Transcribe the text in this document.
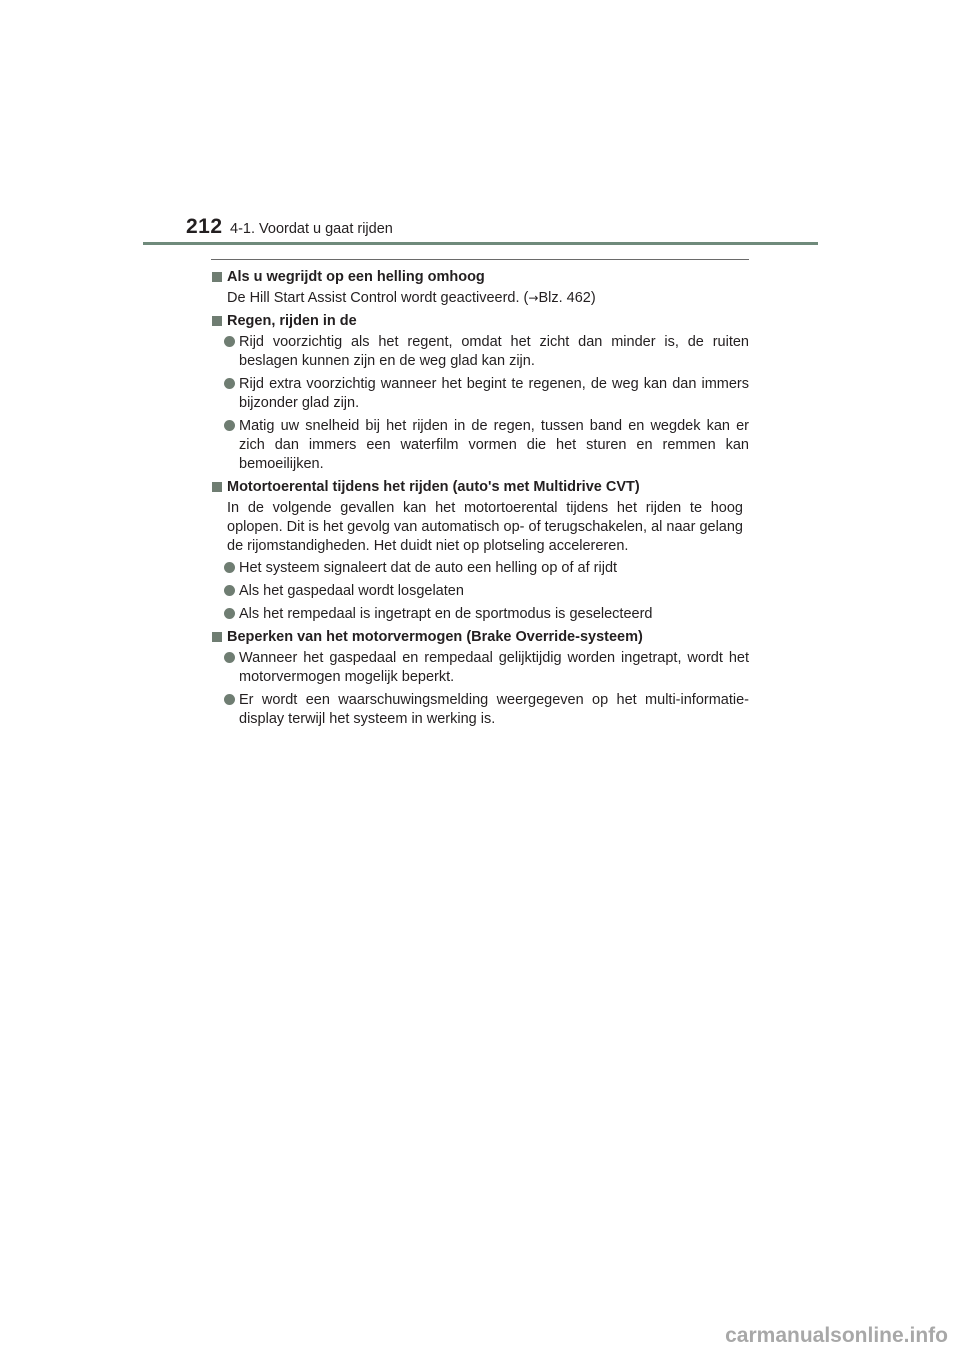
212 4-1. Voordat u gaat rijden
Als u wegrijdt op een helling omhoog
De Hill Start Assist Control wordt geactiveerd. (→Blz. 462)
Regen, rijden in de
Rijd voorzichtig als het regent, omdat het zicht dan minder is, de ruiten beslagen kunnen zijn en de weg glad kan zijn.
Rijd extra voorzichtig wanneer het begint te regenen, de weg kan dan immers bijzonder glad zijn.
Matig uw snelheid bij het rijden in de regen, tussen band en wegdek kan er zich dan immers een waterfilm vormen die het sturen en remmen kan bemoeilijken.
Motortoerental tijdens het rijden (auto's met Multidrive CVT)
In de volgende gevallen kan het motortoerental tijdens het rijden te hoog oplopen. Dit is het gevolg van automatisch op- of terugschakelen, al naar gelang de rijomstandigheden. Het duidt niet op plotseling accelereren.
Het systeem signaleert dat de auto een helling op of af rijdt
Als het gaspedaal wordt losgelaten
Als het rempedaal is ingetrapt en de sportmodus is geselecteerd
Beperken van het motorvermogen (Brake Override-systeem)
Wanneer het gaspedaal en rempedaal gelijktijdig worden ingetrapt, wordt het motorvermogen mogelijk beperkt.
Er wordt een waarschuwingsmelding weergegeven op het multi-informatie-display terwijl het systeem in werking is.
carmanualsonline.info
